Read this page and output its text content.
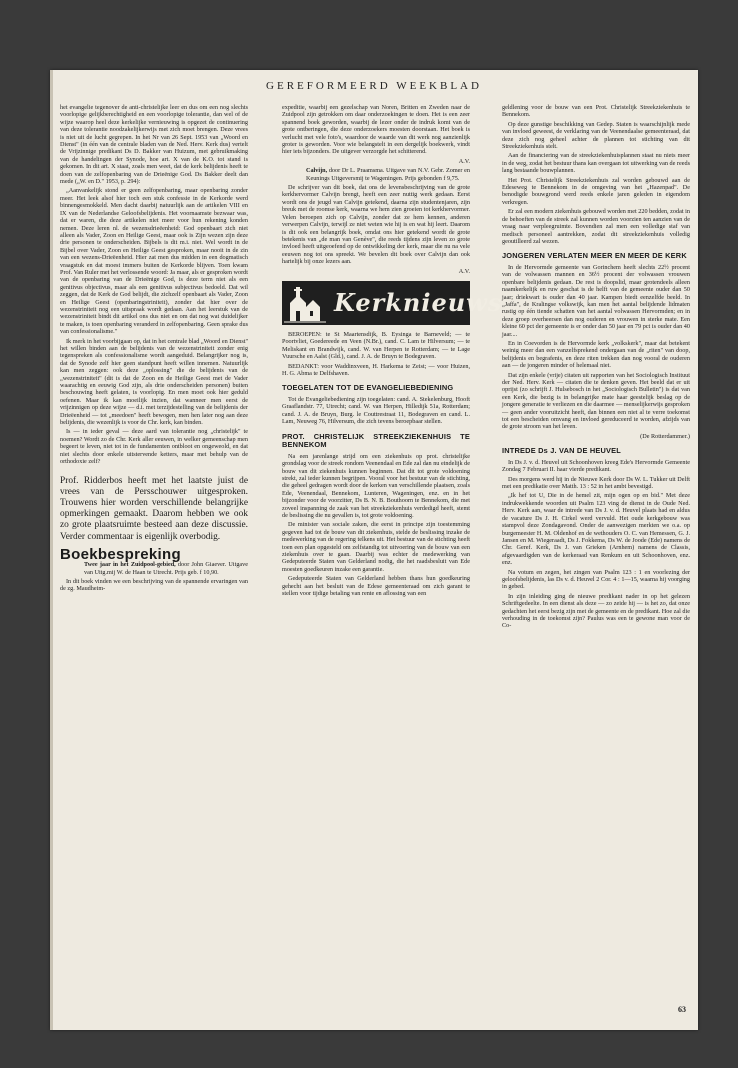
GEREFORMEERD WEEKBLAD

het evangelie tegenover de anti-christelijke leer en dus om een nog slechts voorlopige gelijkberechtigheid en een voorlopige tolerantie, dan wel of de wijze waarop heel deze kerkelijke vernieuwing is opgezet de continuering van deze tolerantie noodzakelijkerwijs met zich moet brengen. Deze vrees is niet uit de lucht gegrepen. In het Nr van 26 Sept. 1953 van „Woord en Dienst" (in één van de centrale bladen van de Ned. Herv. Kerk dus) vertelt de Vrijzinnige predikant Ds D. Bakker van Huizum, met gebruikmaking van de handelingen der Synode, hoe art. X van de K.O. tot stand is gekomen. In dit art. X staat, zoals men weet, dat de kerk belijdenis heeft te doen van de zelfopenbaring van de Drieënige God. Ds Bakker deelt dan mede („W. en D." 1953, p. 294):

„Aanvankelijk stond er geen zelfopenbaring, maar openbaring zonder meer. Het leek alsof hier toch een stuk confessie in de Kerkorde werd binnengesmokkeld. Men dacht daarbij natuurlijk aan de artikelen VIII en IX van de Nederlandse Geloofsbelijdenis. Het voornaamste bezwaar was, dat er waren, die deze artikelen niet meer voor hun rekening konden nemen. Deze leren nl. de wezensdrieëenheid: God openbaart zich niet alleen als Vader, Zoon en Heilige Geest, maar ook is Zijn wezen zijn deze drie personen te onderscheiden. Bijbels is dit m.i. niet. Wel wordt in de Bijbel over Vader, Zoon en Heilige Geest gesproken, maar nooit in de zin van een wezens-Drieëenheid. Hier zat men dus midden in een dogmatisch vraagstuk en dat moest immers buiten de Kerkorde blijven. Toen kwam Prof. Van Ruler met het verlossende woord: Ja maar, als er gesproken wordt van de openbaring van de Drieënige God, is deze term niet als een genitivus objectivus, maar als een genitivus subjectivus bedoeld. Dat wil zeggen, dat de Kerk de God belijdt, die zichzelf openbaart als Vader, Zoon en Heilige Geest (openbaringstriniteit), zonder dat hier over de wezenstriniteit nog een uitspraak wordt gedaan. Aan het leerstuk van de wezenstriniteit bindt dit artikel ons dus niet en om dat nog wat duidelijker te maken, is toen openbaring veranderd in zelfopenbaring. Geen sprake dus van confessionalisme."

Ik merk in het voorbijgaan op, dat in het centrale blad „Woord en Dienst" het willen binden aan de belijdenis van de wezenstriniteit zonder enig tegenspreken als confessionalisme wordt aangeduid. Belangrijker nog is, dat de Synode zelf hier geen standpunt heeft willen innemen. Natuurlijk kan men zeggen: ook deze „oplossing" die de belijdenis van de „wezenstriniteit" (dit is dat de Zoon en de Heilige Geest met de Vader waarachtig en eeuwig God zijn, als drie onderscheiden personen) buiten beschouwing heeft gelaten, is voorlopig. En men moet ook hier geduld oefenen. Maar ik kan moeilijk inzien, dat wanneer men eerst de vrijzinnigen op deze wijze — d.i. met terzijdestelling van de belijdenis der Drieëenheid — tot „meedoen" heeft bewogen, men hen later nog aan deze belijdenis, die wezenlijk is voor de Chr. kerk, kan binden.

Is — in ieder geval — deze aard van tolerantie nog „christelijk" te noemen? Wordt zo de Chr. Kerk aller eeuwen, in welker gemeenschap men begeert te leven, niet tot in de fundamenten ontbloot en ongeweold, en dat niet slechts door enkele uitstervende ketters, maar met behulp van de orthodoxie zelf?

Prof. Ridderbos heeft met het laatste juist de vrees van de Persschouwer uitgesproken. Trouwens hier worden verschillende belangrijke opmerkingen gemaakt. Daarom hebben we ook zo grote plaatsruimte besteed aan deze discussie. Verder commentaar is eigenlijk overbodig.

Boekbespreking

Twee jaar in het Zuidpool-gebied, door John Giaever. Uitgave van Uitg.mij W. de Haan te Utrecht. Prijs geb. f 10,90.

In dit boek vinden we een beschrijving van de spannende ervaringen van de zg. Maudheim-

expeditie, waarbij een gezelschap van Noren, Britten en Zweden naar de Zuidpool zijn getrokken om daar onderzoekingen te doen. Het is een zeer spannend boek geworden, waarbij de lezer onder de indruk komt van de grote ontberingen, die deze onderzoekers moesten doorstaan. Het boek is verlucht met vele foto's, waardoor de waarde van dit werk nog aanzienlijk groter is geworden. Voor wie belangstelt in een dergelijk boekwerk, vindt hier iets bijzonders. De uitgever verzorgde het schitterend.

A.V.

Calvijn, door Dr L. Praamsma. Uitgave van N.V. Gebr. Zomer en Keunings Uitgeversmij te Wageningen. Prijs gebonden f 9,75.

De schrijver van dit boek, dat ons de levensbeschrijving van de grote kerkhervormer Calvijn brengt, heeft een zeer nuttig werk gedaan. Eerst wordt ons de jeugd van Calvijn getekend, daarna zijn studentenjaren, zijn breuk met de roomse kerk, waarna we hem zien groeien tot kerkhervormer. Velen beroepen zich op Calvijn, zonder dat ze hem kennen, anderen verwerpen Calvijn, terwijl ze niet weten wie hij is en wat hij leert. Daarom is dit ook een belangrijk boek, omdat ons hier getekend wordt de grote betekenis van „de man van Genève", die reeds tijdens zijn leven zo grote invloed heeft uitgeoefend op de ontwikkeling der kerk, maar die nu na vele eeuwen nog tot ons spreekt. We bevelen dit boek over Calvijn dan ook hartelijk bij onze lezers aan.

A.V.

Kerknieuws

BEROEPEN: te St Maartensdijk, B. Eysinga te Barneveld; — te Poortvliet, Goedereede en Veen (N.Br.), cand. C. Lam te Hilversum; — te Meliskant en Brandwijk, cand. W. van Herpen te Rotterdam; — te Lage Vuursche en Aalst (Gld.), cand. J. A. de Bruyn te Bodegraven.

BEDANKT: voor Waddinxveen, H. Harkema te Zeist; — voor Huizen, H. G. Abma te Delfshaven.

TOEGELATEN TOT DE EVANGELIEBEDIENING

Tot de Evangeliebediening zijn toegelaten: cand. A. Stekelenburg, Hooft Graaflandstr. 77, Utrecht; cand. W. van Herpen, Hilledijk 51a, Rotterdam; cand. J. A. de Bruyn, Burg. le Couttrestraat 11, Bodegraven en cand. L. Lam, Neuweg 76, Hilversum, die zich tevens beroepbaar stellen.

PROT. CHRISTELIJK STREEKZIEKENHUIS TE BENNEKOM

Na een jarenlange strijd om een ziekenhuis op prot. christelijke grondslag voor de streek rondom Veenendaal en Ede zal dan nu eindelijk de bouw van dit ziekenhuis kunnen beginnen. Dat dit tot grote voldoening strekt, zal ieder kunnen begrijpen. Vooral voor het bestuur van de stichting, die geheel gedragen wordt door de kerken van verschillende plaatsen, zoals Ede, Veenendaal, Bennekom, Lunteren, Wageningen, enz. en in het bijzonder voor de voorzitter, Ds B. N. B. Bouthoorn te Bennekom, die met zoveel inspanning de zaak van het streekziekenhuis verdedigd heeft, stemt de beslissing die nu gevallen is, tot grote voldoening.

De minister van sociale zaken, die eerst in principe zijn toestemming gegeven had tot de bouw van dit ziekenhuis, stelde de beslissing inzake de medewerking van de regering telkens uit. Het bestuur van de stichting heeft toen een plan opgesteld om zelfstandig tot uitvoering van de bouw van een ziekenhuis over te gaan. Daarbij was echter de medewerking van Gedeputeerde Staten van Gelderland nodig, die het raadsbesluit van Ede moesten goedkeuren inzake een garantie.

Gedeputeerde Staten van Gelderland hebben thans hun goedkeuring gehecht aan het besluit van de Edese gemeenteraad om zich garant te stellen voor tijdige betaling van rente en aflossing van een

geldlening voor de bouw van een Prot. Christelijk Streekziekenhuis te Bennekom.

Op deze gunstige beschikking van Gedep. Staten is waarschijnlijk mede van invloed geweest, de verklaring van de Veenendaalse gemeenteraad, dat deze zich nog geheel achter de plannen tot stichting van dit Streekziekenhuis stelt.

Aan de financiering van de streekziekenhuisplannen staat nu niets meer in de weg, zodat het bestuur thans kan overgaan tot uitwerking van de reeds lang bestaande bouwplannen.

Het Prot. Christelijk Streekziekenhuis zal worden gebouwd aan de Edeseweg te Bennekom in de omgeving van het „Hazenpad". De benodigde bouwgrond werd reeds enkele jaren geleden in eigendom verkregen.

Er zal een modern ziekenhuis gebouwd worden met 220 bedden, zodat in de behoeften van de streek zal kunnen worden voorzien ten aanzien van de vraag naar verpleegruimte. Bovendien zal men een volledige staf van medisch personeel aantrekken, zodat dit streekziekenhuis volledig geoutilleerd zal wezen.

JONGEREN VERLATEN MEER EN MEER DE KERK

In de Hervormde gemeente van Gorinchem heeft slechts 22½ procent van de volwassen mannen en 36½ procent der volwassen vrouwen openbare belijdenis gedaan. De rest is doopslid, maar grotendeels alleen naamkerkelijk en ruw geschat is de helft van de gemeente ouder dan 50 jaar; driekwart is ouder dan 40 jaar. Kampen biedt eenzelfde beeld. In „Jaffa", de Kralingse volkswijk, kan men het aantal belijdende lidmaten rustig op één tiende schatten van het aantal volwassen Hervormden; en in deze groep overheersen dan nog ouderen en vrouwen in sterke mate. Een kleine 60 pct der gemeente is er onder dan 50 jaar en 79 pct is ouder dan 40 jaar....

En in Coevorden is de Hervormde kerk „volkskerk", maar dat betekent weinig meer dan een vanzelfsprekend ondergaan van de „riten" van doop, belijdenis en begrafenis, en deze riten trekken dan nog vooral de ouderen aan — de jongeren minder of helemaal niet.

Dat zijn enkele (vrije) citaten uit rapporten van het Sociologisch Instituut der Ned. Herv. Kerk — citaten die te denken geven. Het beeld dat er uit oprijst (zo schrijft J. Hulsebosch in het „Sociologisch Bulletin") is dat van een Kerk, die bezig is in belangrijke mate haar geestelijk beslag op de jongere generatie te verliezen en die daarmee — menselijkerwijs gesproken — geen ander vooruitzicht heeft, dan binnen een niet al te verre toekomst tot een bescheiden omvang en invloed gereduceerd te worden, afzijds van de grote stroom van het leven.

(De Rotterdammer.)

INTREDE Ds J. VAN DE HEUVEL

In Ds J. v. d. Heuvel uit Schoonhoven kreeg Ede's Hervormde Gemeente Zondag 7 Februari II. haar vierde predikant.

Des morgens werd hij in de Nieuwe Kerk door Ds W. L. Tukker uit Delft met een predikatie over Matth. 13 : 52 in het ambt bevestigd.

„Ik hef tot U, Die in de hemel zit, mijn ogen op en bid." Met deze indrukwekkende woorden uit Psalm 123 ving de dienst in de Oude Ned. Herv. Kerk aan, waar de intrede van Ds J. v. d. Heuvel plaats had en aldus de vacature Ds J. H. Cirkel werd vervuld. Het oude kerkgebouw was stampvol deze Zondagavond. Onder de aanwezigen merkten we o.a. op burgemeester H. M. Oldenhof en de wethouders O. C. van Hemessen, G. J. Jansen en M. Wiegeraadt, Ds J. Fokkema, Ds W. de Joode (Ede) namens de Chr. Geref. Kerk, Ds J. van Grieken (Arnhem) namens de Classis, afgevaardigden van de kerkeraad van Renkum en uit Schoonhoven, enz. enz.

Na votum en zegen, het zingen van Psalm 123 : 1 en voorlezing der geloofsbelijdenis, las Ds v. d. Heuvel 2 Cor. 4 : 1—15, waarna hij voorging in gebed.

In zijn inleiding ging de nieuwe predikant nader in op het gelezen Schriftgedeelte. In een dienst als deze — zo zeide hij — is het zo, dat onze gedachten het eerst bezig zijn met de gemeente en de predikant. Hoe zal die verhouding in de toekomst zijn? Paulus was een te gewone man voor de Co-

63
